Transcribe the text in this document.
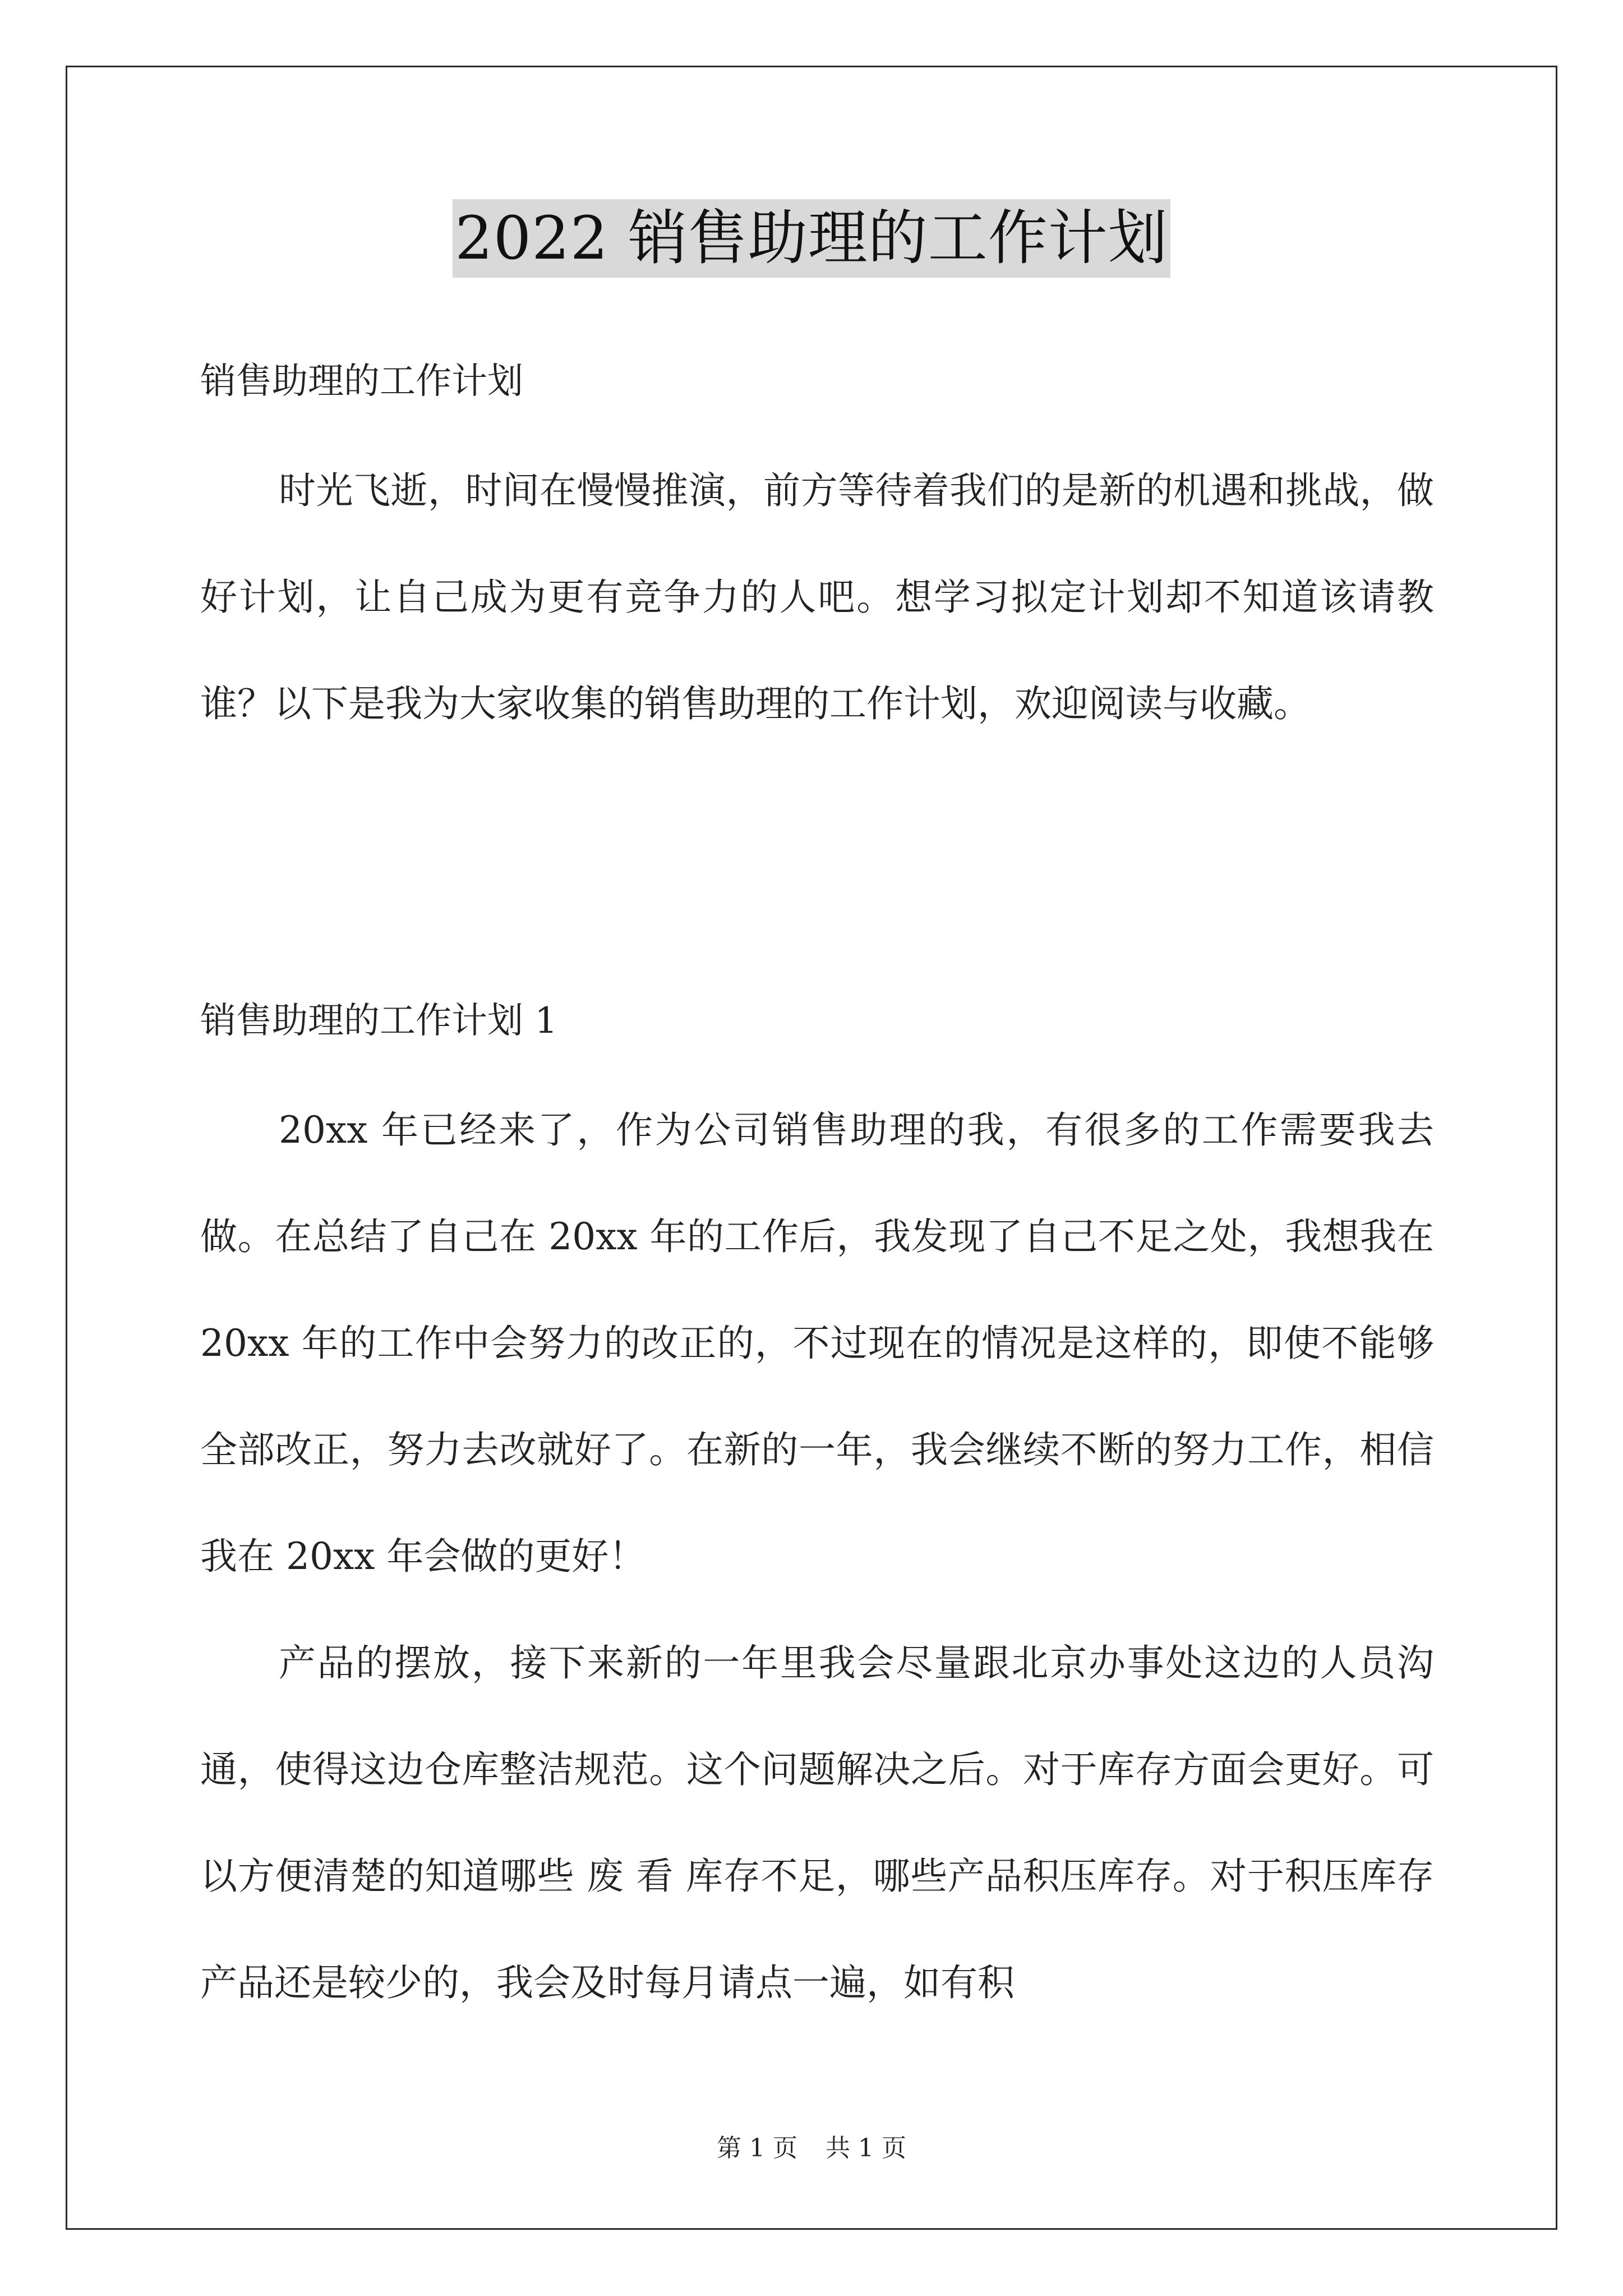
2022 销售助理的工作计划
销售助理的工作计划

时光飞逝，时间在慢慢推演，前方等待着我们的是新的机遇和挑战，做好计划，让自己成为更有竞争力的人吧。想学习拟定计划却不知道该请教谁？以下是我为大家收集的销售助理的工作计划，欢迎阅读与收藏。

销售助理的工作计划 1

20xx 年已经来了，作为公司销售助理的我，有很多的工作需要我去做。在总结了自己在 20xx 年的工作后，我发现了自己不足之处，我想我在 20xx 年的工作中会努力的改正的，不过现在的情况是这样的，即使不能够全部改正，努力去改就好了。在新的一年，我会继续不断的努力工作，相信我在 20xx 年会做的更好！

产品的摆放，接下来新的一年里我会尽量跟北京办事处这边的人员沟通，使得这边仓库整洁规范。这个问题解决之后。对于库存方面会更好。可以方便清楚的知道哪些 废 看 库存不足，哪些产品积压库存。对于积压库存产品还是较少的，我会及时每月请点一遍，如有积

第 1 页 共 1 页
